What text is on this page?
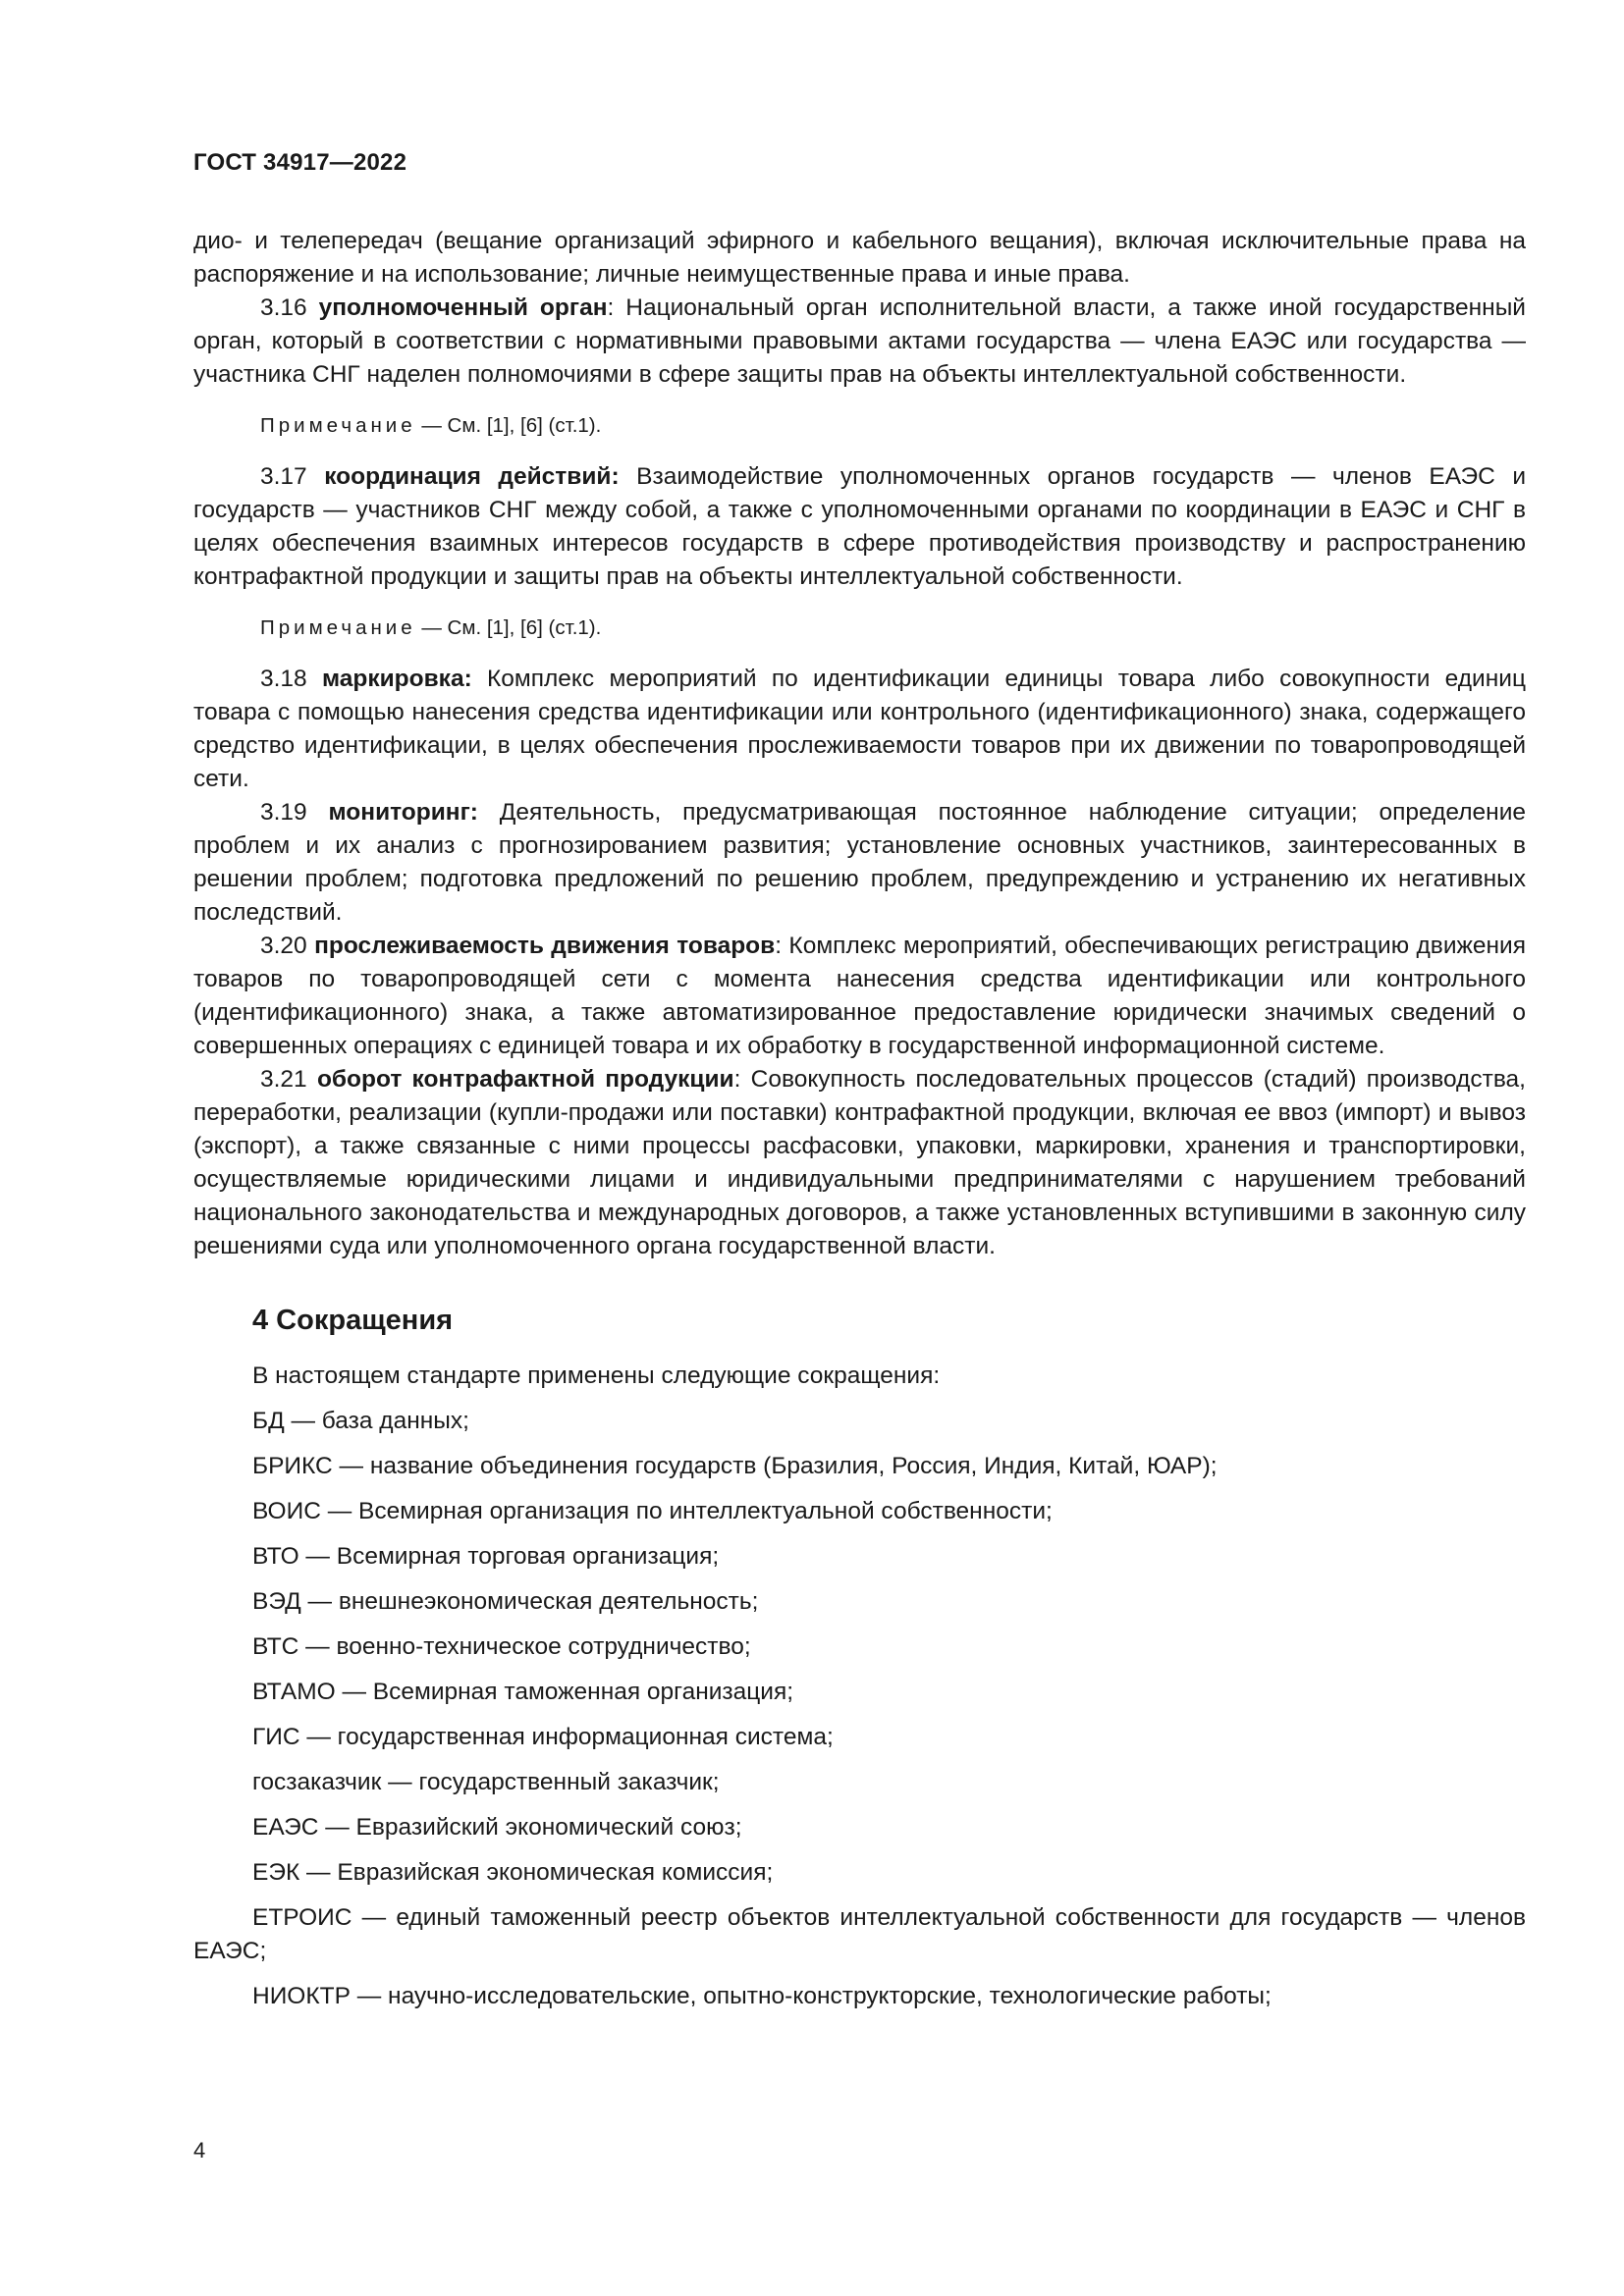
ГОСТ 34917—2022

дио- и телепередач (вещание организаций эфирного и кабельного вещания), включая исключительные права на распоряжение и на использование; личные неимущественные права и иные права.

3.16 уполномоченный орган: Национальный орган исполнительной власти, а также иной государственный орган, который в соответствии с нормативными правовыми актами государства — члена ЕАЭС или государства — участника СНГ наделен полномочиями в сфере защиты прав на объекты интеллектуальной собственности.

Примечание — См. [1], [6] (ст.1).

3.17 координация действий: Взаимодействие уполномоченных органов государств — членов ЕАЭС и государств — участников СНГ между собой, а также с уполномоченными органами по координации в ЕАЭС и СНГ в целях обеспечения взаимных интересов государств в сфере противодействия производству и распространению контрафактной продукции и защиты прав на объекты интеллектуальной собственности.

Примечание — См. [1], [6] (ст.1).

3.18 маркировка: Комплекс мероприятий по идентификации единицы товара либо совокупности единиц товара с помощью нанесения средства идентификации или контрольного (идентификационного) знака, содержащего средство идентификации, в целях обеспечения прослеживаемости товаров при их движении по товаропроводящей сети.

3.19 мониторинг: Деятельность, предусматривающая постоянное наблюдение ситуации; определение проблем и их анализ с прогнозированием развития; установление основных участников, заинтересованных в решении проблем; подготовка предложений по решению проблем, предупреждению и устранению их негативных последствий.

3.20 прослеживаемость движения товаров: Комплекс мероприятий, обеспечивающих регистрацию движения товаров по товаропроводящей сети с момента нанесения средства идентификации или контрольного (идентификационного) знака, а также автоматизированное предоставление юридически значимых сведений о совершенных операциях с единицей товара и их обработку в государственной информационной системе.

3.21 оборот контрафактной продукции: Совокупность последовательных процессов (стадий) производства, переработки, реализации (купли-продажи или поставки) контрафактной продукции, включая ее ввоз (импорт) и вывоз (экспорт), а также связанные с ними процессы расфасовки, упаковки, маркировки, хранения и транспортировки, осуществляемые юридическими лицами и индивидуальными предпринимателями с нарушением требований национального законодательства и международных договоров, а также установленных вступившими в законную силу решениями суда или уполномоченного органа государственной власти.

4 Сокращения

В настоящем стандарте применены следующие сокращения:

БД — база данных;

БРИКС — название объединения государств (Бразилия, Россия, Индия, Китай, ЮАР);

ВОИС — Всемирная организация по интеллектуальной собственности;

ВТО — Всемирная торговая организация;

ВЭД — внешнеэкономическая деятельность;

ВТС — военно-техническое сотрудничество;

ВТАМО — Всемирная таможенная организация;

ГИС — государственная информационная система;

госзаказчик — государственный заказчик;

ЕАЭС — Евразийский экономический союз;

ЕЭК — Евразийская экономическая комиссия;

ЕТРОИС — единый таможенный реестр объектов интеллектуальной собственности для государств — членов ЕАЭС;

НИОКТР — научно-исследовательские, опытно-конструкторские, технологические работы;

4
